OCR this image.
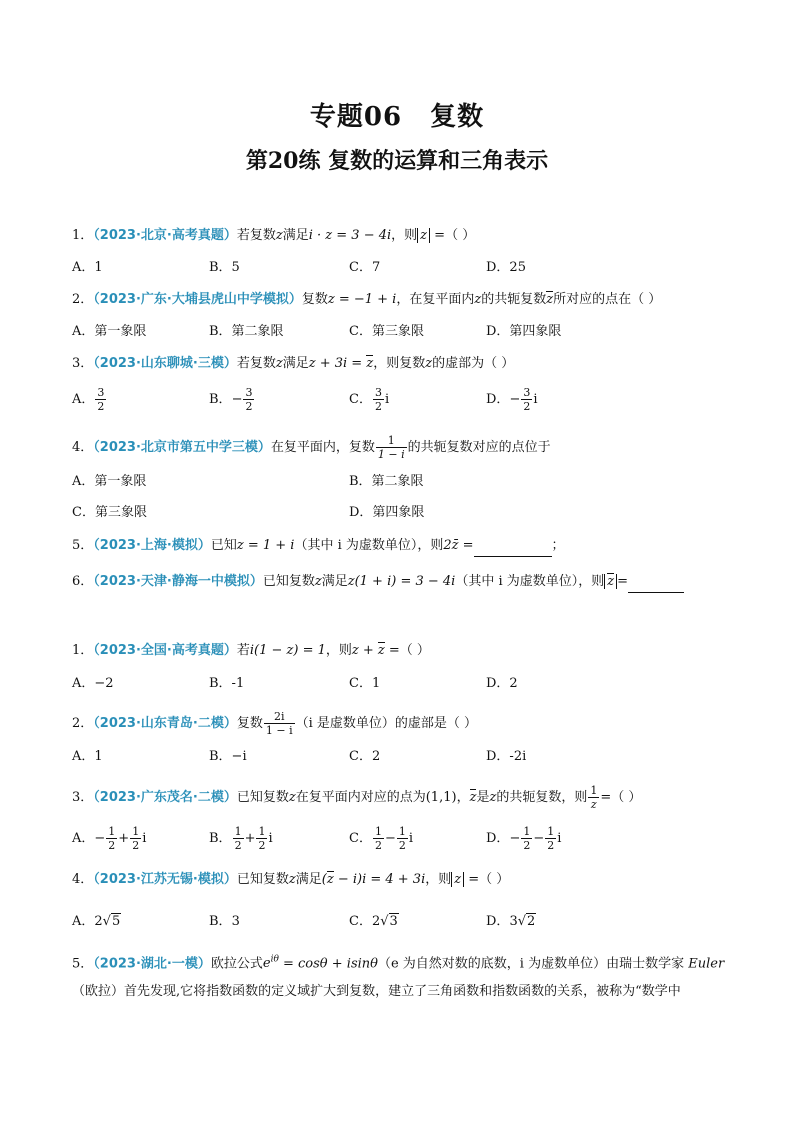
专题06 复数
第20练 复数的运算和三角表示
1．（2023·北京·高考真题）若复数z满足i · z = 3 − 4i，则 z =（ ）
A．1	B．5	C．7	D．25
2．（2023·广东·大埔县虎山中学模拟）复数z = −1 + i，在复平面内z的共轭复数z所对应的点在（ ）
A．第一象限	B．第二象限	C．第三象限	D．第四象限
3．（2023·山东聊城·三模）若复数z满足z + 3i = z，则复数z的虚部为（ ）
A． $\frac{3}{2}$	B．− $\frac{3}{2}$	C． $\frac{3}{2}$ i	D．− $\frac{3}{2}$ i
4．（2023·北京市第五中学三模）在复平面内，复数 $\frac{1}{1 - i}$ 的共轭复数对应的点位于
A．第一象限	B．第二象限
C．第三象限	D．第四象限
5．（2023·上海·模拟）已知z = 1 + i（其中 i 为虚数单位），则2z̄ =	；
6．（2023·天津·静海一中模拟）已知复数z满足z(1 + i) = 3 − 4i（其中 i 为虚数单位），则 z =
1．（2023·全国·高考真题）若i(1 − z) = 1，则z + z =（ ）
A．−2	B．-1	C．1	D．2
2．（2023·山东青岛·二模）复数 $\frac{2i}{1 - i} (i$ 是虚数单位）的虚部是（ ）
A．1	B．−i	C．2	D．-2i
3．（2023·广东茂名·二模）已知复数z在复平面内对应的点为(1,1)，z是z的共轭复数，则 $\frac{1}{z}$ =（ ）
A．− $\frac{1}{2} + \frac{1}{2}$ i	B． $\frac{1}{2} + \frac{1}{2}$ i	C． $\frac{1}{2} - \frac{1}{2}$ i	D．− $\frac{1}{2} - \frac{1}{2}$ i
4．（2023·江苏无锡·模拟）已知复数z满足(z − i)i = 4 + 3i，则 z =（ ）
A．2√5	B．3	C．2√3	D．3√2
5．（2023·湖北·一模）欧拉公式$e^{i\theta} = \cos\theta + isin\theta(e$ 为自然对数的底数，i 为虚数单位）由瑞士数学家 Euler
（欧拉）首先发现,它将指数函数的定义域扩大到复数，建立了三角函数和指数函数的关系，被称为“数学中
